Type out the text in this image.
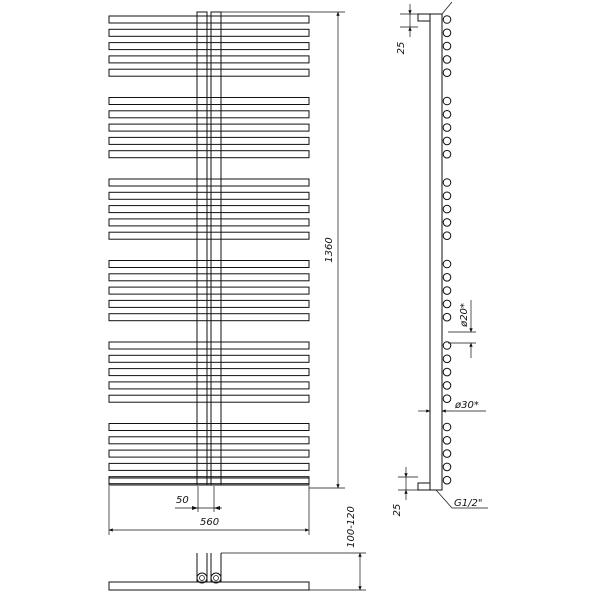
1360
50
560
25
25
ø20*
ø30*
G1/2"
100-120
